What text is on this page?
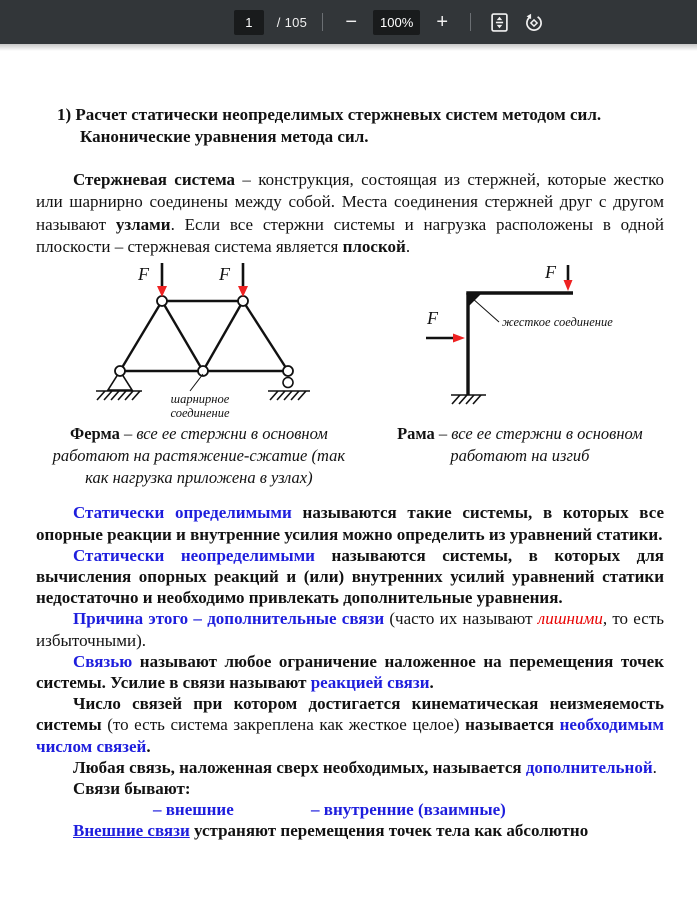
1	/ 105	−	100%	+

1) Расчет статически неопределимых стержневых систем методом сил. Канонические уравнения метода сил.

Стержневая система – конструкция, состоящая из стержней, которые жестко или шарнирно соединены между собой. Места соединения стержней друг с другом называют узлами. Если все стержни системы и нагрузка расположены в одной плоскости – стержневая система является плоской.

F	F
шарнирное
соединение
F
F	жесткое соединение
Ферма – все ее стержни в основном работают на растяжение-сжатие (так как нагрузка приложена в узлах)
Рама – все ее стержни в основном работают на изгиб

Статически определимыми называются такие системы, в которых все опорные реакции и внутренние усилия можно определить из уравнений статики.

Статически неопределимыми называются системы, в которых для вычисления опорных реакций и (или) внутренних усилий уравнений статики недостаточно и необходимо привлекать дополнительные уравнения.

Причина этого – дополнительные связи (часто их называют лишними, то есть избыточными).

Связью называют любое ограничение наложенное на перемещения точек системы. Усилие в связи называют реакцией связи.

Число связей при котором достигается кинематическая неизмеяемость системы (то есть система закреплена как жесткое целое) называется необходимым числом связей.

Любая связь, наложенная сверх необходимых, называется дополнительной.

Связи бывают:

– внешние	– внутренние (взаимные)

Внешние связи устраняют перемещения точек тела как абсолютно
